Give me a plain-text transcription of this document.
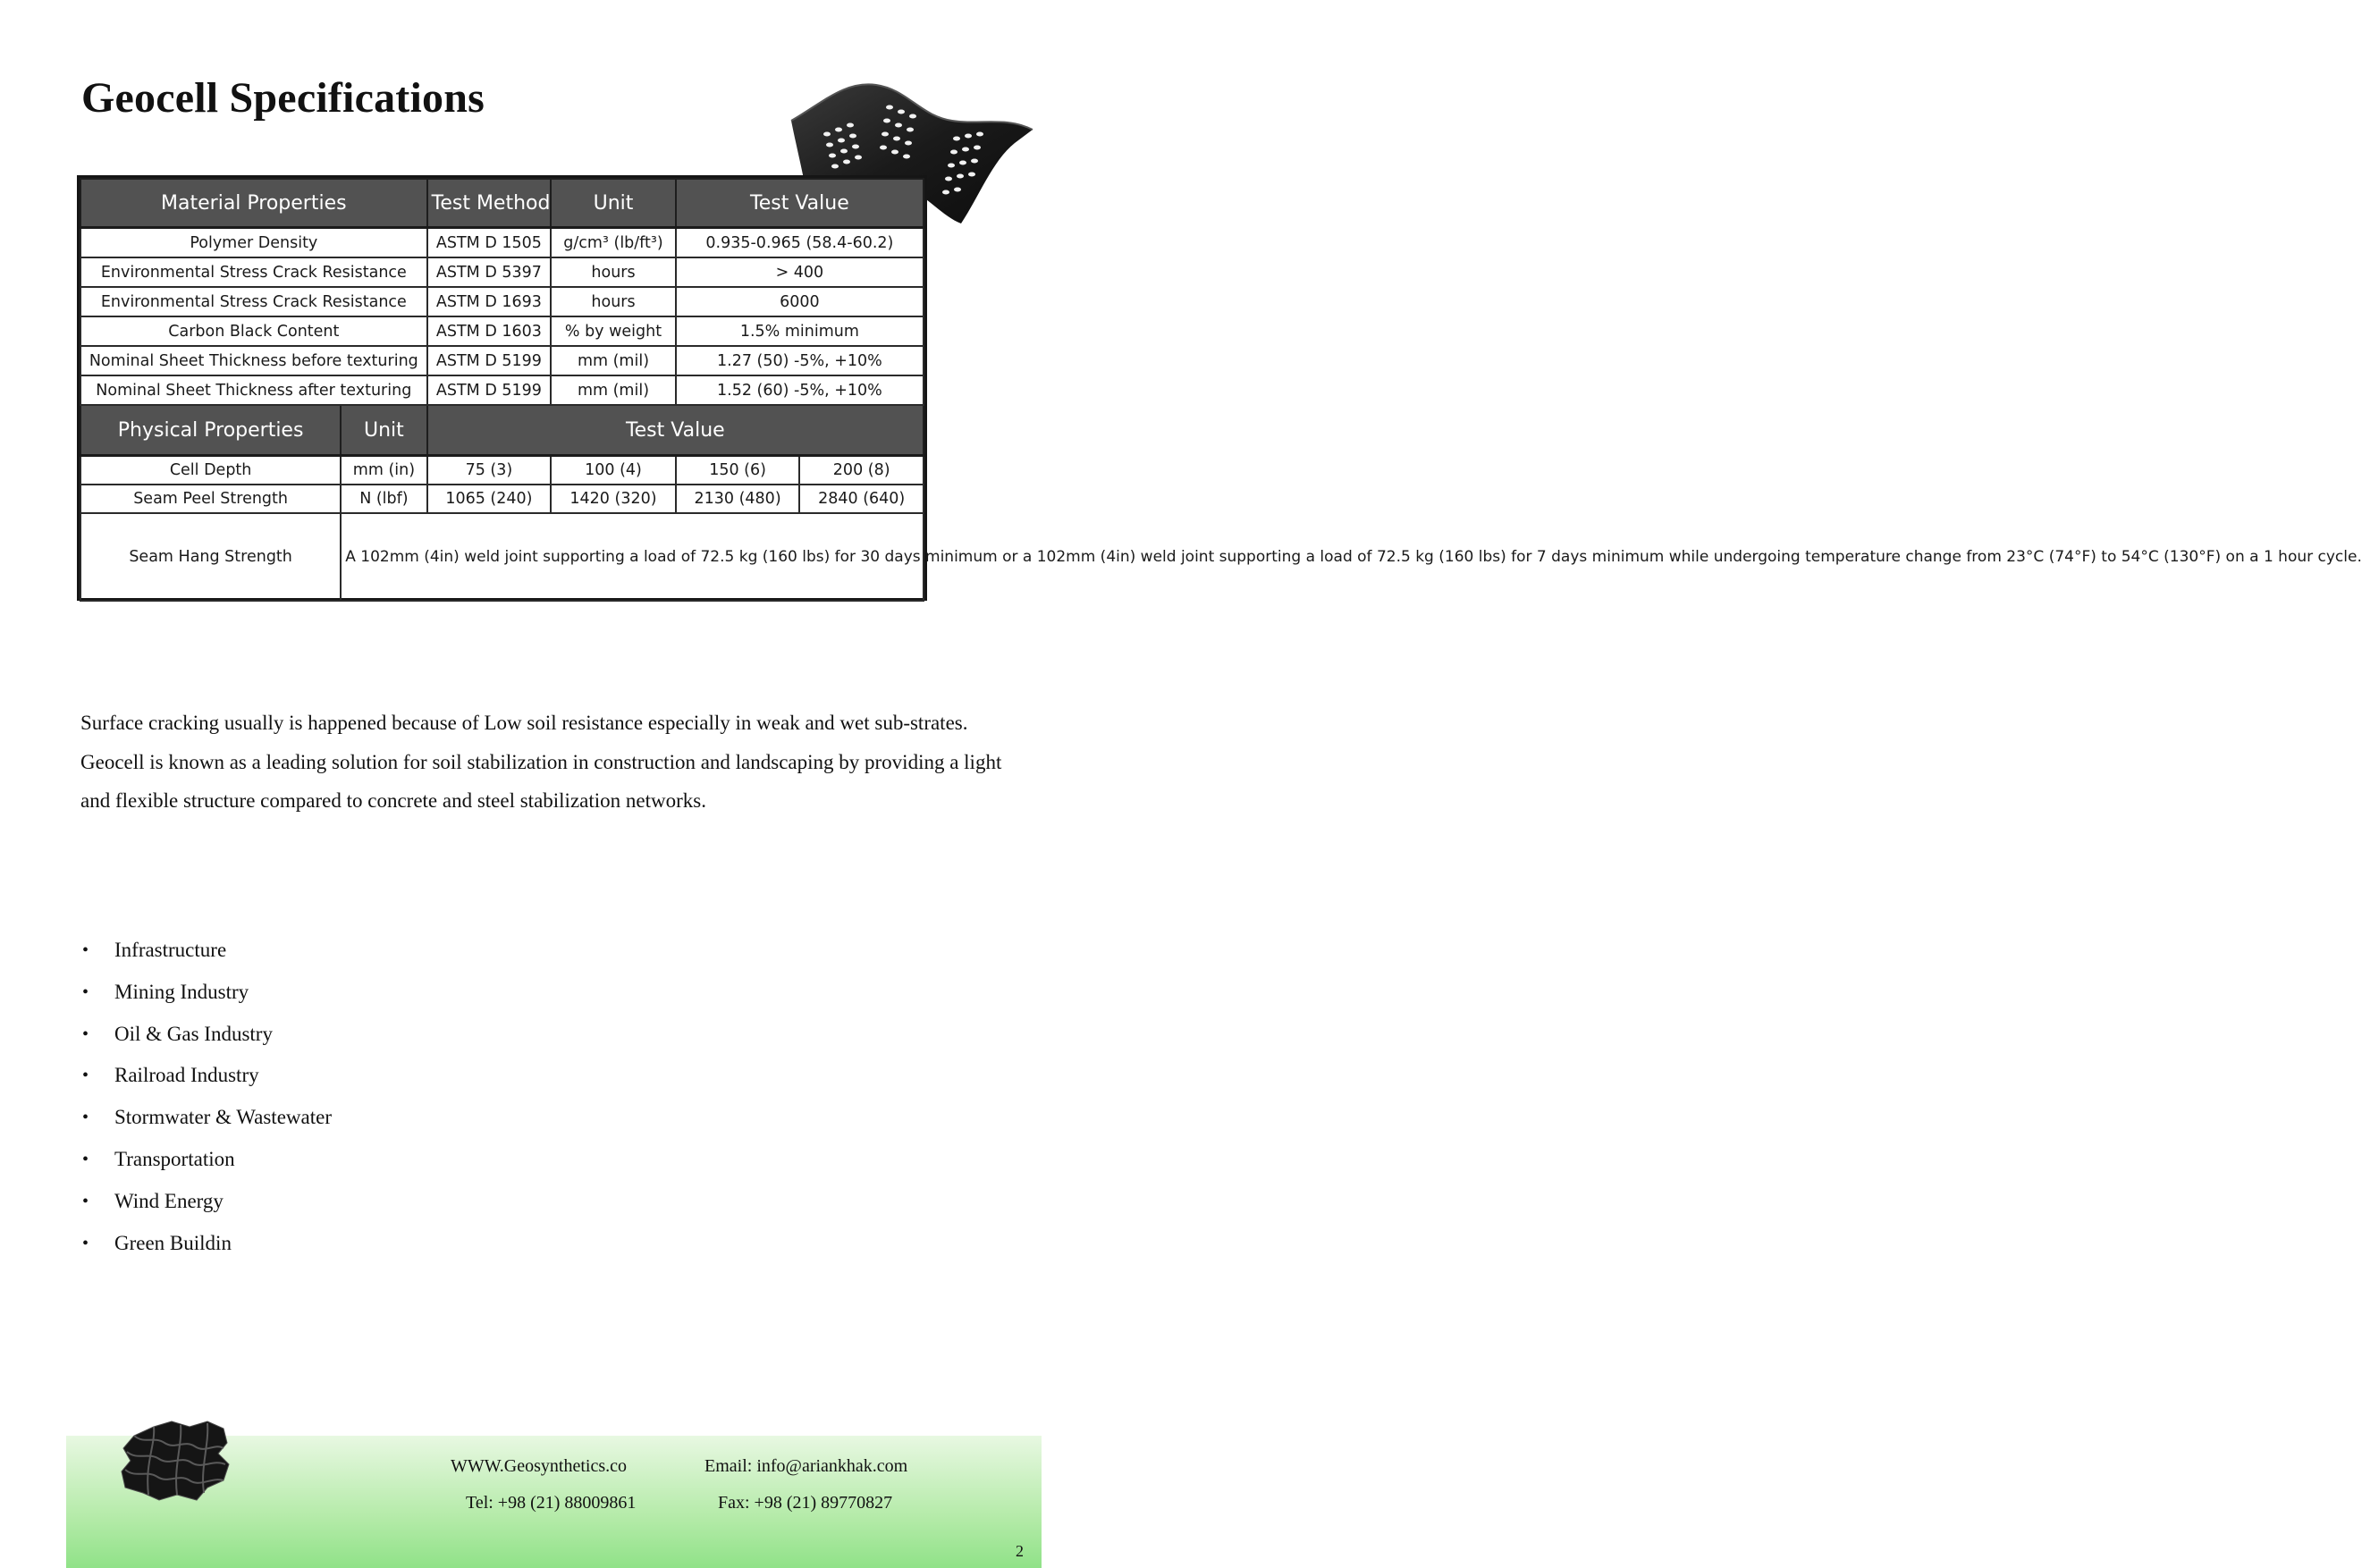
Geocell Specifications
Material Properties		Test Method	Unit	Test Value	
Polymer Density		ASTM D 1505	g/cm³ (lb/ft³)	0.935-0.965 (58.4-60.2)	
Environmental Stress Crack Resistance		ASTM D 5397	hours	> 400	
Environmental Stress Crack Resistance		ASTM D 1693	hours	6000	
Carbon Black Content		ASTM D 1603	% by weight	1.5% minimum	
Nominal Sheet Thickness before texturing		ASTM D 5199	mm (mil)	1.27 (50) -5%, +10%	
Nominal Sheet Thickness after texturing		ASTM D 5199	mm (mil)	1.52 (60) -5%, +10%	
Physical Properties	Unit	Test Value			
Cell Depth	mm (in)	75 (3)	100 (4)	150 (6)	200 (8)
Seam Peel Strength	N (lbf)	1065 (240)	1420 (320)	2130 (480)	2840 (640)
Seam Hang Strength	A 102mm (4in) weld joint supporting a load of 72.5 kg (160 lbs) for 30 days minimum or a 102mm (4in) weld joint supporting a load of 72.5 kg (160 lbs) for 7 days minimum while undergoing temperature change from 23°C (74°F) to 54°C (130°F) on a 1 hour cycle.				

Surface cracking usually is happened because of Low soil resistance especially in weak and wet sub-strates. Geocell is known as a leading solution for soil stabilization in construction and landscaping by providing a light and flexible structure compared to concrete and steel stabilization networks.

• Infrastructure
• Mining Industry
• Oil & Gas Industry
• Railroad Industry
• Stormwater & Wastewater
• Transportation
• Wind Energy
• Green Buildin
WWW.Geosynthetics.co	Email: info@ariankhak.com
Tel: +98 (21) 88009861	Fax: +98 (21) 89770827
2
